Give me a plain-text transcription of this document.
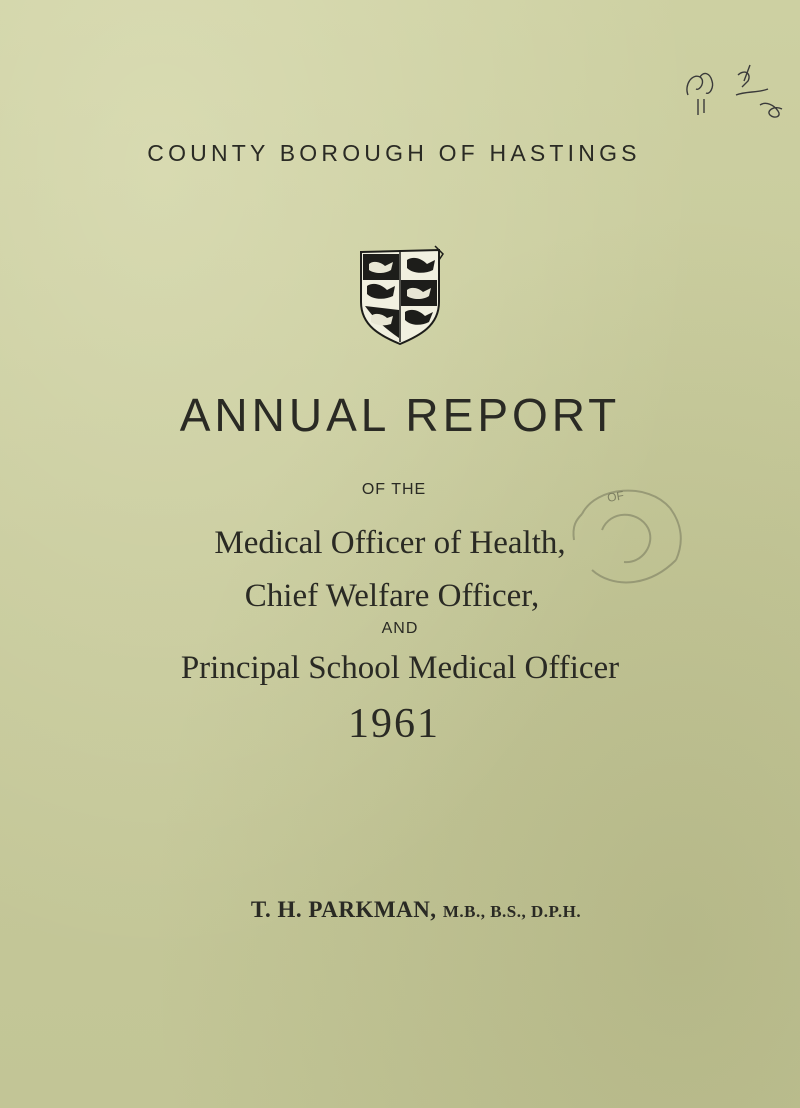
COUNTY BOROUGH OF HASTINGS
ANNUAL REPORT
OF THE
Medical Officer of Health,
Chief Welfare Officer,
AND
Principal School Medical Officer
1961
OF
T. H. PARKMAN, M.B., B.S., D.P.H.
